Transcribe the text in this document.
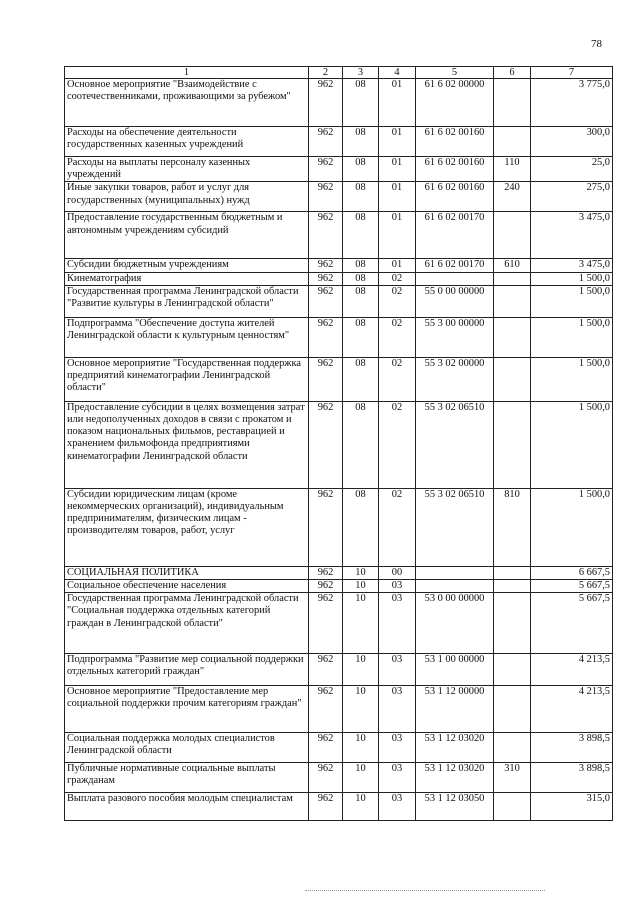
78
1	2	3	4	5	6	7
Основное мероприятие "Взаимодействие с соотечественниками, проживающими за рубежом"	962	08	01	61 6 02 00000		3 775,0
Расходы на обеспечение деятельности государственных казенных учреждений	962	08	01	61 6 02 00160		300,0
Расходы на выплаты персоналу казенных учреждений	962	08	01	61 6 02 00160	110	25,0
Иные закупки товаров, работ и услуг для государственных (муниципальных) нужд	962	08	01	61 6 02 00160	240	275,0
Предоставление государственным бюджетным и автономным учреждениям субсидий	962	08	01	61 6 02 00170		3 475,0
Субсидии бюджетным учреждениям	962	08	01	61 6 02 00170	610	3 475,0
Кинематография	962	08	02			1 500,0
Государственная программа Ленинградской области "Развитие культуры в Ленинградской области"	962	08	02	55 0 00 00000		1 500,0
Подпрограмма "Обеспечение доступа жителей Ленинградской области к культурным ценностям"	962	08	02	55 3 00 00000		1 500,0
Основное мероприятие "Государственная поддержка предприятий кинематографии Ленинградской области"	962	08	02	55 3 02 00000		1 500,0
Предоставление субсидии в целях возмещения затрат или недополученных доходов в связи с прокатом и показом национальных фильмов, реставрацией и хранением фильмофонда предприятиями кинематографии Ленинградской области	962	08	02	55 3 02 06510		1 500,0
Субсидии юридическим лицам (кроме некоммерческих организаций), индивидуальным предпринимателям, физическим лицам - производителям товаров, работ, услуг	962	08	02	55 3 02 06510	810	1 500,0
СОЦИАЛЬНАЯ ПОЛИТИКА	962	10	00			6 667,5
Социальное обеспечение населения	962	10	03			5 667,5
Государственная программа Ленинградской области "Социальная поддержка отдельных категорий граждан в Ленинградской области"	962	10	03	53 0 00 00000		5 667,5
Подпрограмма "Развитие мер социальной поддержки отдельных категорий граждан"	962	10	03	53 1 00 00000		4 213,5
Основное мероприятие "Предоставление мер социальной поддержки прочим категориям граждан"	962	10	03	53 1 12 00000		4 213,5
Социальная поддержка молодых специалистов Ленинградской области	962	10	03	53 1 12 03020		3 898,5
Публичные нормативные социальные выплаты гражданам	962	10	03	53 1 12 03020	310	3 898,5
Выплата разового пособия молодым специалистам	962	10	03	53 1 12 03050		315,0
